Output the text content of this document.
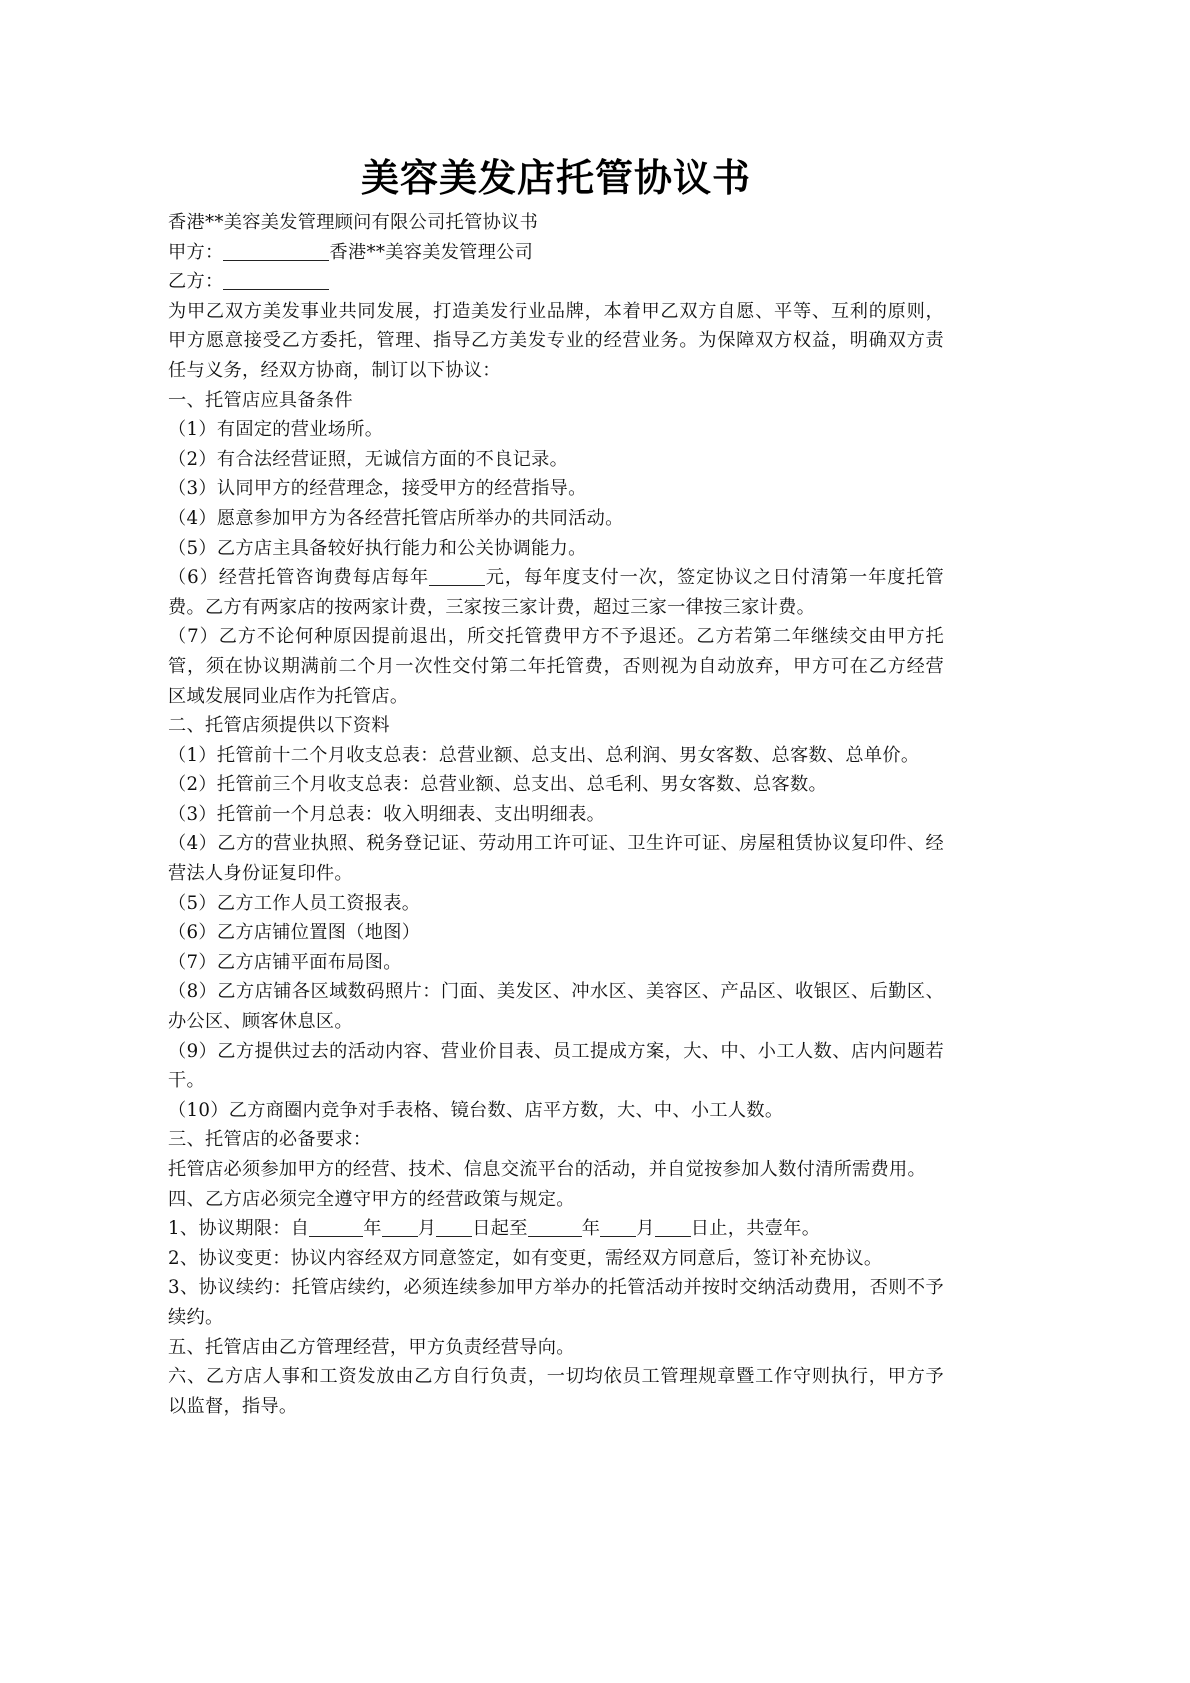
美容美发店托管协议书

香港**美容美发管理顾问有限公司托管协议书

甲方：	香港**美容美发管理公司

乙方：

为甲乙双方美发事业共同发展，打造美发行业品牌，本着甲乙双方自愿、平等、互利的原则，甲方愿意接受乙方委托，管理、指导乙方美发专业的经营业务。为保障双方权益，明确双方责任与义务，经双方协商，制订以下协议：

一、托管店应具备条件

（1）有固定的营业场所。

（2）有合法经营证照，无诚信方面的不良记录。

（3）认同甲方的经营理念，接受甲方的经营指导。

（4）愿意参加甲方为各经营托管店所举办的共同活动。

（5）乙方店主具备较好执行能力和公关协调能力。

（6）经营托管咨询费每店每年	元，每年度支付一次，签定协议之日付清第一年度托管费。乙方有两家店的按两家计费，三家按三家计费，超过三家一律按三家计费。

（7）乙方不论何种原因提前退出，所交托管费甲方不予退还。乙方若第二年继续交由甲方托管，须在协议期满前二个月一次性交付第二年托管费，否则视为自动放弃，甲方可在乙方经营区域发展同业店作为托管店。

二、托管店须提供以下资料

（1）托管前十二个月收支总表：总营业额、总支出、总利润、男女客数、总客数、总单价。

（2）托管前三个月收支总表：总营业额、总支出、总毛利、男女客数、总客数。

（3）托管前一个月总表：收入明细表、支出明细表。

（4）乙方的营业执照、税务登记证、劳动用工许可证、卫生许可证、房屋租赁协议复印件、经营法人身份证复印件。

（5）乙方工作人员工资报表。

（6）乙方店铺位置图（地图）

（7）乙方店铺平面布局图。

（8）乙方店铺各区域数码照片：门面、美发区、冲水区、美容区、产品区、收银区、后勤区、办公区、顾客休息区。

（9）乙方提供过去的活动内容、营业价目表、员工提成方案，大、中、小工人数、店内问题若干。

（10）乙方商圈内竞争对手表格、镜台数、店平方数，大、中、小工人数。

三、托管店的必备要求：

托管店必须参加甲方的经营、技术、信息交流平台的活动，并自觉按参加人数付清所需费用。

四、乙方店必须完全遵守甲方的经营政策与规定。

1、协议期限：自	年 月 日起至	年 月 日止，共壹年。

2、协议变更：协议内容经双方同意签定，如有变更，需经双方同意后，签订补充协议。

3、协议续约：托管店续约，必须连续参加甲方举办的托管活动并按时交纳活动费用，否则不予续约。

五、托管店由乙方管理经营，甲方负责经营导向。

六、乙方店人事和工资发放由乙方自行负责，一切均依员工管理规章暨工作守则执行，甲方予以监督，指导。
